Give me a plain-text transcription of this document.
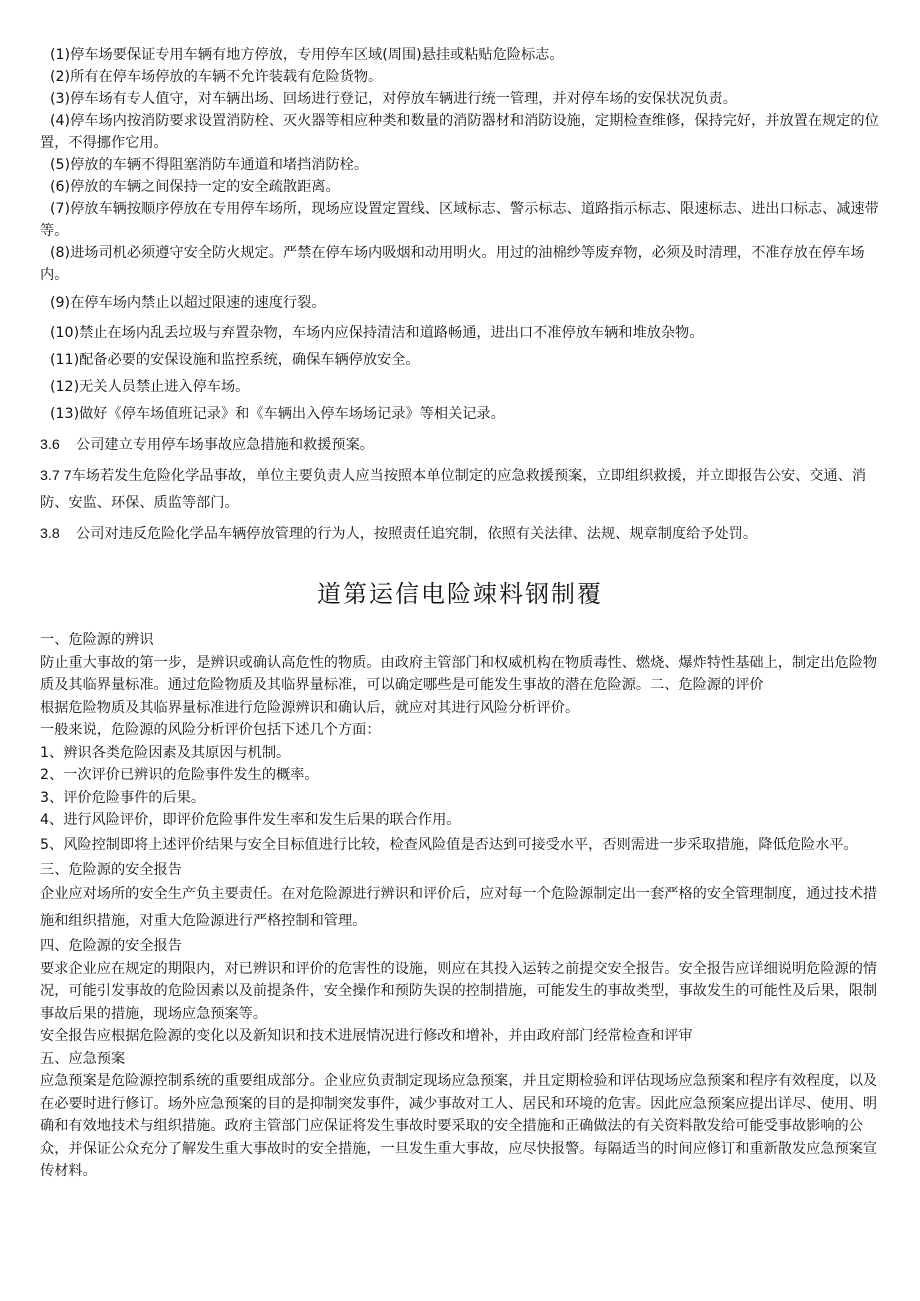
(1)停车场要保证专用车辆有地方停放，专用停车区域(周围)悬挂或粘贴危险标志。

(2)所有在停车场停放的车辆不允许装载有危险货物。

(3)停车场有专人值守，对车辆出场、回场进行登记，对停放车辆进行统一管理，并对停车场的安保状况负责。

(4)停车场内按消防要求设置消防栓、灭火器等相应种类和数量的消防器材和消防设施，定期检查维修，保持完好，并放置在规定的位置，不得挪作它用。

(5)停放的车辆不得阻塞消防车通道和堵挡消防栓。

(6)停放的车辆之间保持一定的安全疏散距离。

(7)停放车辆按顺序停放在专用停车场所，现场应设置定置线、区域标志、警示标志、道路指示标志、限速标志、进出口标志、减速带等。

(8)进场司机必须遵守安全防火规定。严禁在停车场内吸烟和动用明火。用过的油棉纱等废弃物，必须及时清理，不准存放在停车场内。

(9)在停车场内禁止以超过限速的速度行裂。

(10)禁止在场内乱丢垃圾与弃置杂物，车场内应保持清洁和道路畅通，进出口不准停放车辆和堆放杂物。

(11)配备必要的安保设施和监控系统，确保车辆停放安全。

(12)无关人员禁止进入停车场。

(13)做好《停车场值班记录》和《车辆出入停车场场记录》等相关记录。

3.6 公司建立专用停车场事故应急措施和救援预案。

3.7 7车场若发生危险化学品事故，单位主要负责人应当按照本单位制定的应急救援预案，立即组织救援，并立即报告公安、交通、消防、安监、环保、质监等部门。

3.8 公司对违反危险化学品车辆停放管理的行为人，按照责任追究制，依照有关法律、法规、规章制度给予处罚。

道第运信电险竦料钢制覆

一、危险源的辨识

防止重大事故的第一步，是辨识或确认高危性的物质。由政府主管部门和权威机构在物质毒性、燃烧、爆炸特性基础上，制定出危险物质及其临界量标准。通过危险物质及其临界量标准，可以确定哪些是可能发生事故的潜在危险源。二、危险源的评价

根据危险物质及其临界量标准进行危险源辨识和确认后，就应对其进行风险分析评价。

一般来说，危险源的风险分析评价包括下述几个方面：

1、辨识各类危险因素及其原因与机制。

2、一次评价已辨识的危险事件发生的概率。

3、评价危险事件的后果。

4、进行风险评价，即评价危险事件发生率和发生后果的联合作用。

5、风险控制即将上述评价结果与安全目标值进行比较，检查风险值是否达到可接受水平，否则需进一步采取措施，降低危险水平。

三、危险源的安全报告

企业应对场所的安全生产负主要责任。在对危险源进行辨识和评价后，应对每一个危险源制定出一套严格的安全管理制度，通过技术措施和组织措施，对重大危险源进行严格控制和管理。

四、危险源的安全报告

要求企业应在规定的期限内，对已辨识和评价的危害性的设施，则应在其投入运转之前提交安全报告。安全报告应详细说明危险源的情况，可能引发事故的危险因素以及前提条件，安全操作和预防失误的控制措施，可能发生的事故类型，事故发生的可能性及后果，限制事故后果的措施，现场应急预案等。

安全报告应根据危险源的变化以及新知识和技术进展情况进行修改和增补，并由政府部门经常检查和评审

五、应急预案

应急预案是危险源控制系统的重要组成部分。企业应负责制定现场应急预案，并且定期检验和评估现场应急预案和程序有效程度，以及在必要时进行修订。场外应急预案的目的是抑制突发事件，减少事故对工人、居民和环境的危害。因此应急预案应提出详尽、使用、明确和有效地技术与组织措施。政府主管部门应保证将发生事故时要采取的安全措施和正确做法的有关资料散发给可能受事故影响的公众，并保证公众充分了解发生重大事故时的安全措施，一旦发生重大事故，应尽快报警。每隔适当的时间应修订和重新散发应急预案宣传材料。
